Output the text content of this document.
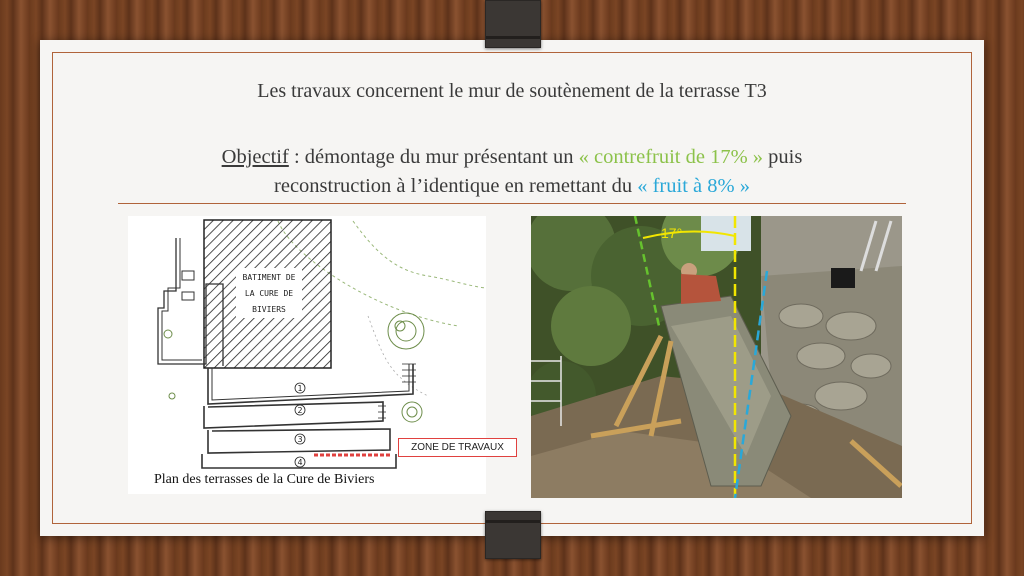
Les travaux concernent le mur de soutènement de la terrasse T3
Objectif : démontage du mur présentant un « contrefruit de 17% » puis
reconstruction à l’identique en remettant du « fruit à 8% »
BATIMENT DE
LA CURE DE
BIVIERS
1
2
3
4
Plan des terrasses de la Cure de Biviers
ZONE DE TRAVAUX
17°
